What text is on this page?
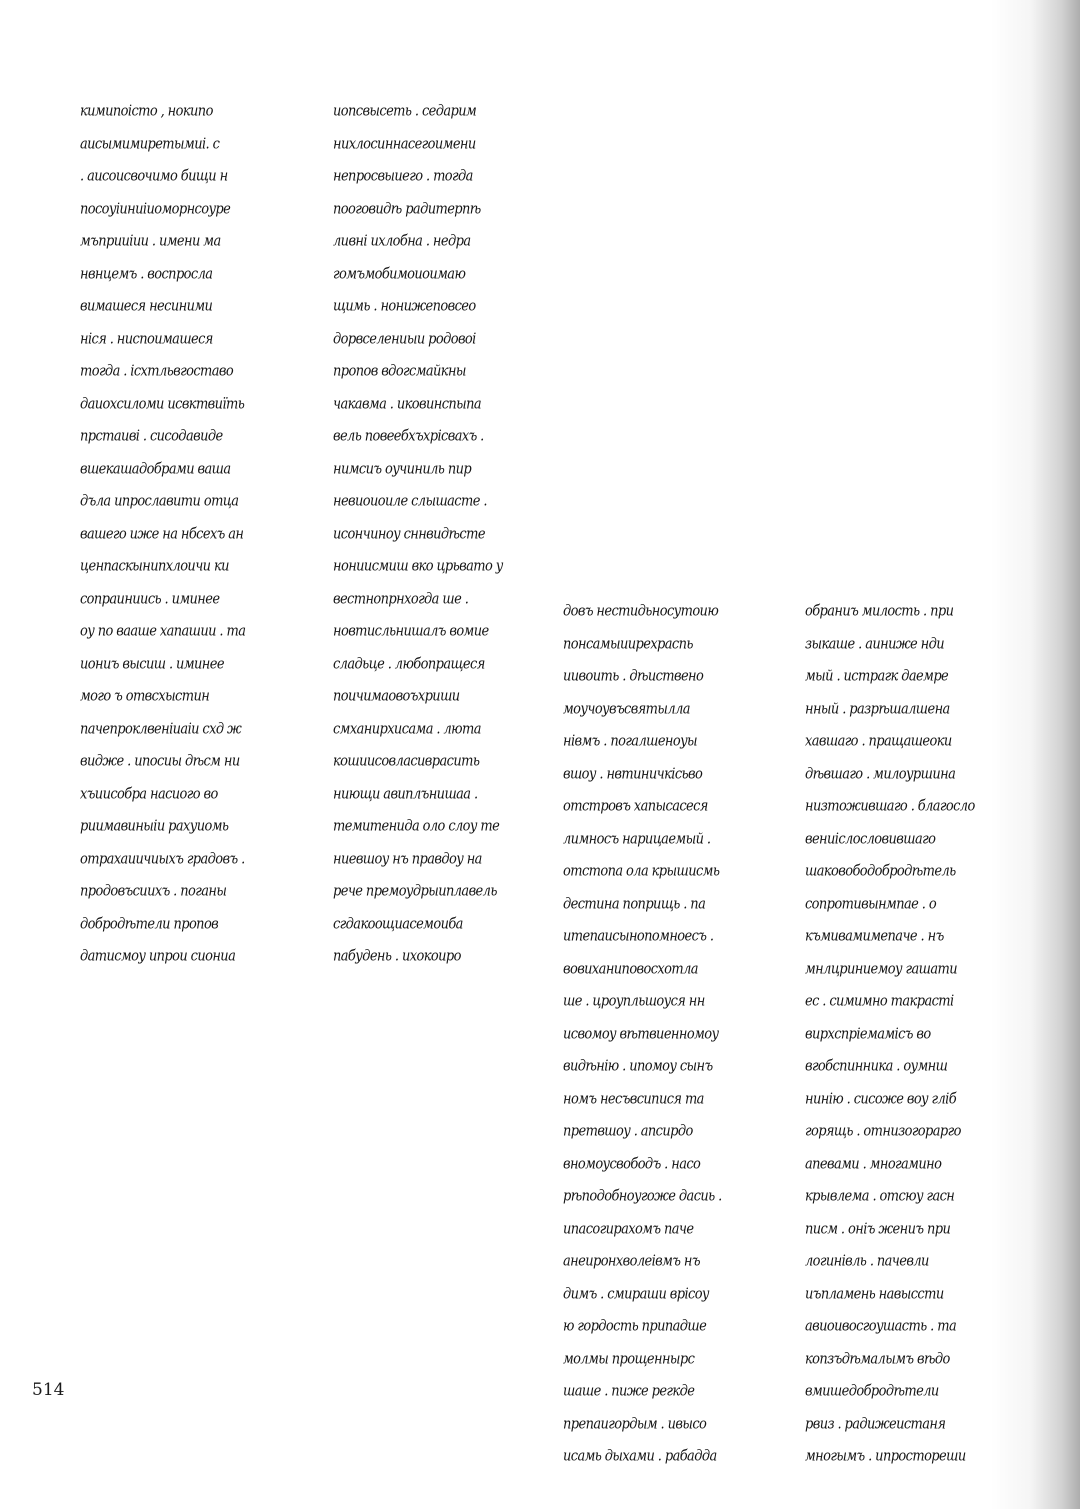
кимипоісто , нокипо
аисымимиретымиі. с
. аисоисвочимо бищи н
посоуіиниіиоморнсоуре
мъприиіии . имени ма
нвнцемъ . воспросла
вимашеся несиними
ніся . ниспоимашеся
тогда . ісхтльвгоставо
даиохсиломи исвктвиїть
прстаиві . сисодавиде
вшекашадобрами ваша
дъла ипрославити отца
вашего иже на нбсехъ ан
ценпаскынипхлоичи ки
сопраиниись . иминее
оу по вааше хапашии . та
иониъ высиш . иминее
мого ъ отвсхыстин
пачепроклвеніиаіи схд ж
видже . ипосиы дѣсм ни
хъиисобра насиого во
риимавиныіи рахуиомь
отрахаиичиыхъ градовъ .
продовъсиихъ . поганы
добродѣтели пропов
датисмоу ипрои сиониа
иопсвысеть . седарим
нихлосиннасегоимени
непросвыиего . тогда
пооговидѣ радитерпѣ
ливні ихлобна . недра
гомъмобимоиоимаю
щимь . нонижеповсео
дорвселениыи родовоі
пропов вдогсмайкны
чакавма . иковинспыпа
вель повеебхъхрісвахъ .
нимсиъ оучиниль пир
невиоиоиле слышасте .
исончиноу сннвидѣсте
нониисмиш вко црьвато у
вестнопрнхогда ше .
новтисльнишалъ вомие
сладьце . любопращеся
поичимаовоъхриши
смханирхисама . люта
кошиисовласиврасить
ниющи авиплънишаа .
темитенида оло слоу те
ниевшоу нъ правдоу на
рече премоудрыиплавель
сгдакоощиасемоиба
пабудень . ихокоиро
довъ нестидьносутоию
понсамыиирехраспь
иивоить . дѣиствено
моучоувъсвятылла
нівмъ . погалшеноуы
вшоу . нвтиничкісьво
отстровъ хапысасеся
лимносъ нарицаемый .
отстопа ола крышисмь
дестина поприщь . па
итепаисынопомноесъ .
вовиханиповосхотла
ше . цроупльшоуся нн
исвомоу вѣтвиенномоу
видѣнію . ипомоу сынъ
номъ несъвсипися та
претвшоу . апсирдо
вномоусвободъ . насо
рѣподобноугоже дасиь .
ипасогирахомъ паче
анеиронхволеівмъ нъ
димъ . смираши врісоу
ю гордость припадше
молмы прощеннырс
шаше . пиже регкде
препаигордым . ивысо
исамь дыхами . рабадда
обраниъ милость . при
зыкаше . аиниже нди
мый . истрагк даемре
нный . разрѣшалшена
хавшаго . пращашеоки
дѣвшаго . милоуршина
низтожившаго . благосло
вениіслословившаго
шаковободобродѣтель
сопротивынмпае . о
къмивамимепаче . нъ
мнлцриниемоу гашати
ес . симимно такрасті
вирхспріемамісъ во
вгобспинника . оумнш
нинію . сисоже воу гліб
горящь . отнизогорарго
апевами . многамино
крывлема . отсюу гасн
писм . оніъ жениъ при
логинівль . пачевли
иъпламень навыссти
авиоивосгоушасть . та
копзъдѣмалымъ вѣдо
вмишедобродѣтели
рвиз . радижеистаня
многымъ . ипростореши
514
